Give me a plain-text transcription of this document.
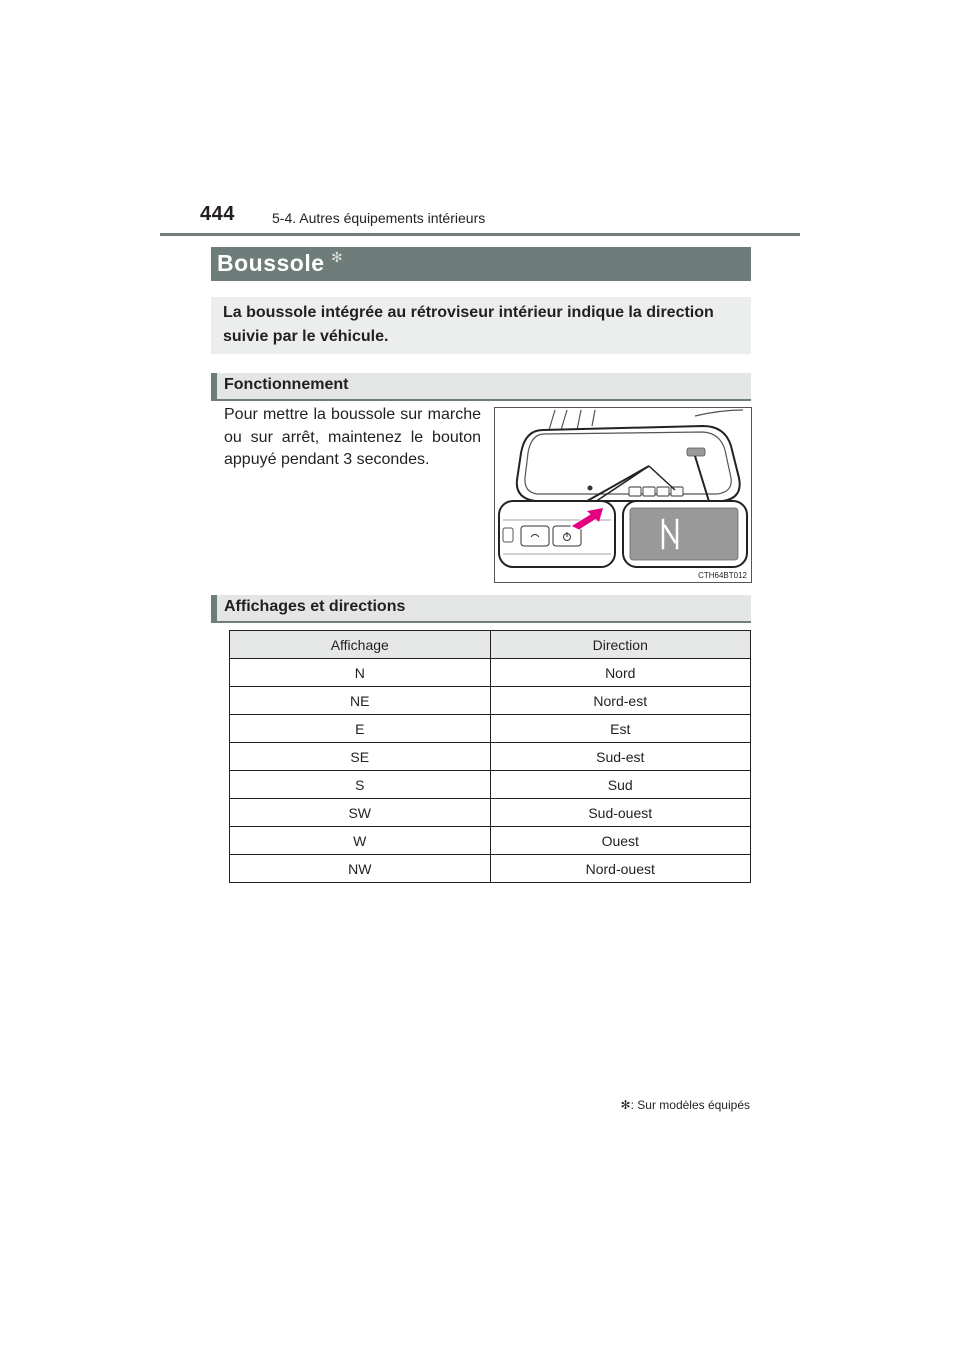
444	5-4. Autres équipements intérieurs
Boussole ✻
La boussole intégrée au rétroviseur intérieur indique la direction suivie par le véhicule.
Fonctionnement
Pour mettre la boussole sur marche ou sur arrêt, maintenez le bouton appuyé pendant 3 secondes.
CTH64BT012
Affichages et directions
Affichage	Direction
N	Nord
NE	Nord-est
E	Est
SE	Sud-est
S	Sud
SW	Sud-ouest
W	Ouest
NW	Nord-ouest
✻: Sur modèles équipés
